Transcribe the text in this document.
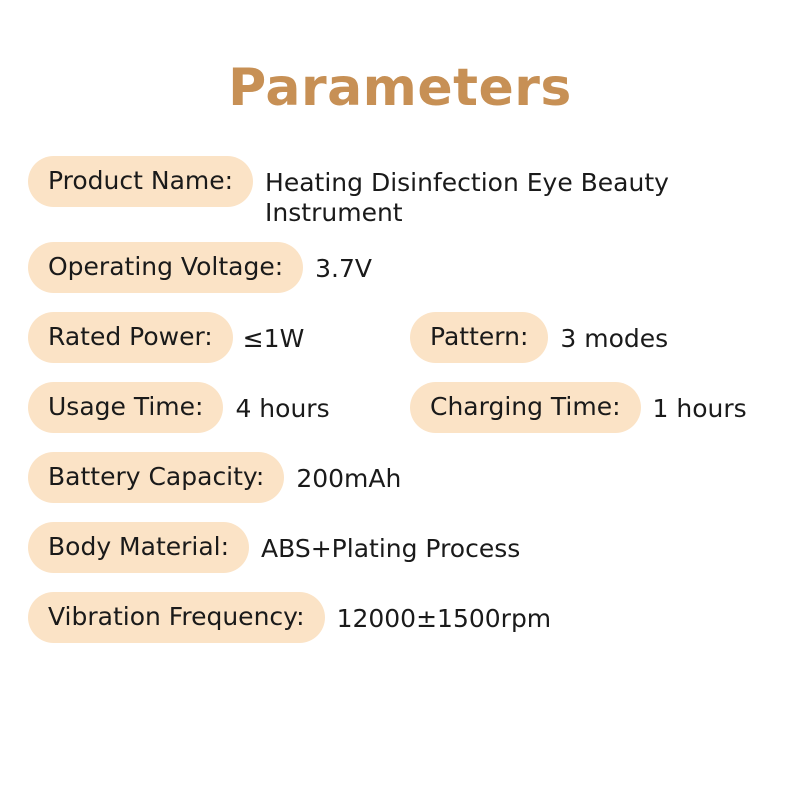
Parameters
Product Name:	Heating Disinfection Eye Beauty Instrument
Operating Voltage:	3.7V
Rated Power:	≤1W	Pattern:	3 modes
Usage Time:	4 hours	Charging Time:	1 hours
Battery Capacity:	200mAh
Body Material:	ABS+Plating Process
Vibration Frequency:	12000±1500rpm
